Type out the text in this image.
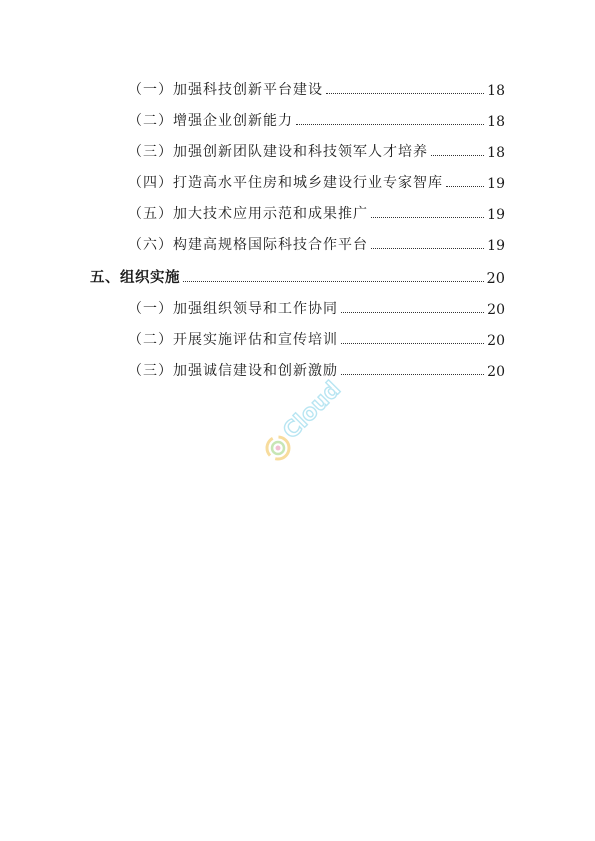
（一）加强科技创新平台建设	18
（二）增强企业创新能力	18
（三）加强创新团队建设和科技领军人才培养	18
（四）打造高水平住房和城乡建设行业专家智库	19
（五）加大技术应用示范和成果推广	19
（六）构建高规格国际科技合作平台	19
五、组织实施	20
（一）加强组织领导和工作协同	20
（二）开展实施评估和宣传培训	20
（三）加强诚信建设和创新激励	20
Cloud
